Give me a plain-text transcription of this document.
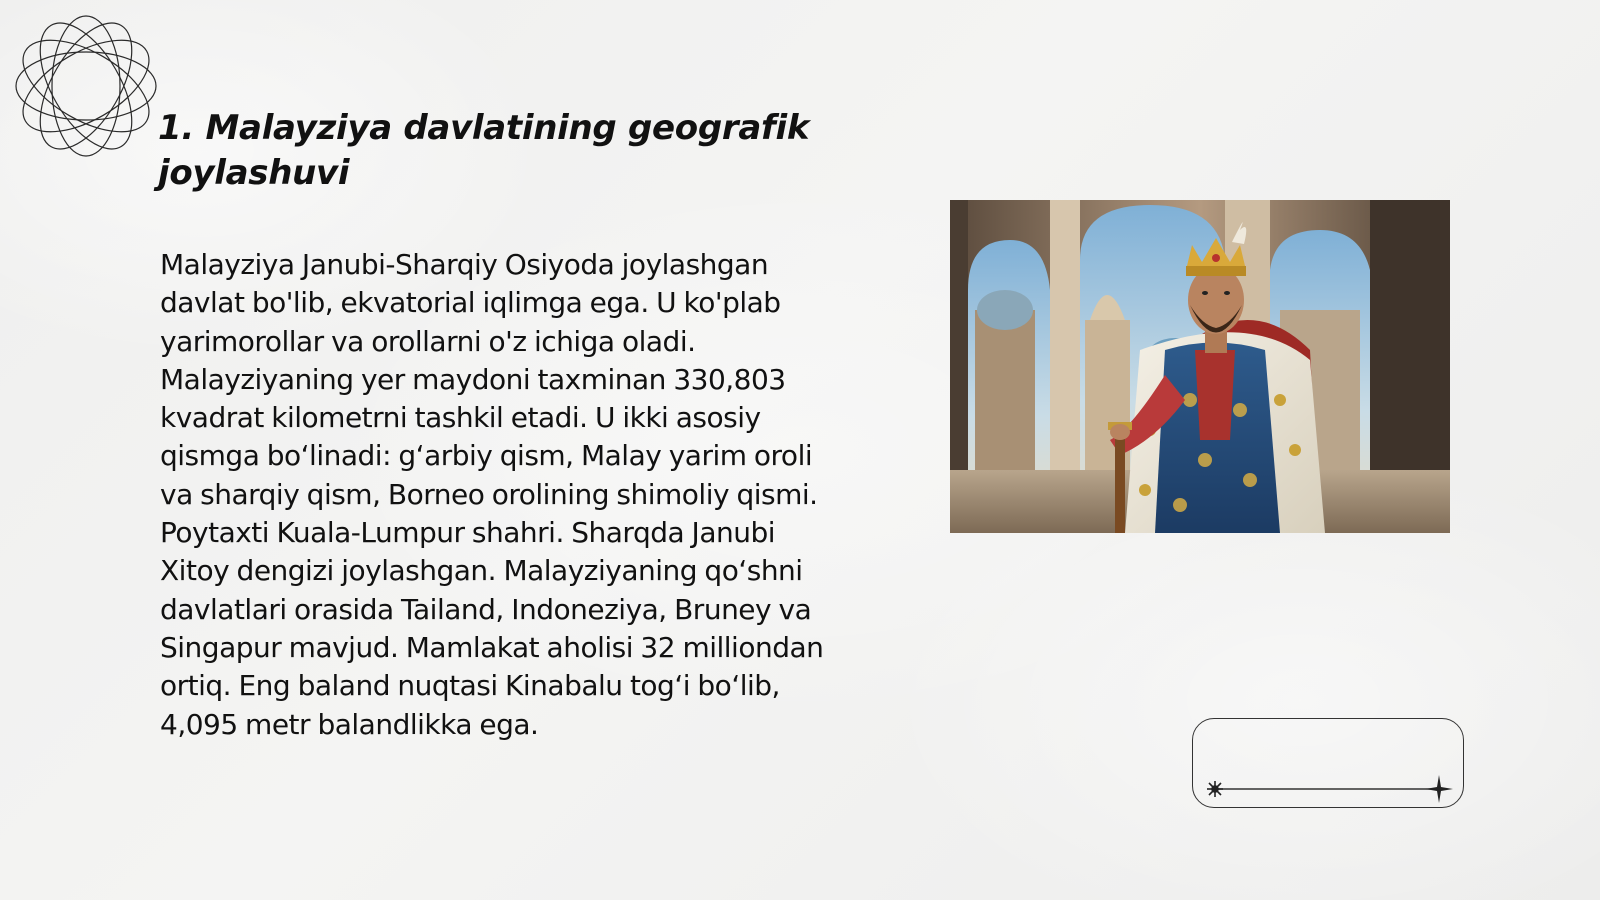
1. Malayziya davlatining geografik joylashuvi

Malayziya Janubi-Sharqiy Osiyoda joylashgan davlat bo'lib, ekvatorial iqlimga ega. U ko'plab yarimorollar va orollarni o'z ichiga oladi. Malayziyaning yer maydoni taxminan 330,803 kvadrat kilometrni tashkil etadi. U ikki asosiy qismga bo‘linadi: g‘arbiy qism, Malay yarim oroli va sharqiy qism, Borneo orolining shimoliy qismi. Poytaxti Kuala-Lumpur shahri. Sharqda Janubi Xitoy dengizi joylashgan. Malayziyaning qo‘shni davlatlari orasida Tailand, Indoneziya, Bruney va Singapur mavjud. Mamlakat aholisi 32 milliondan ortiq. Eng baland nuqtasi Kinabalu tog‘i bo‘lib, 4,095 metr balandlikka ega.
